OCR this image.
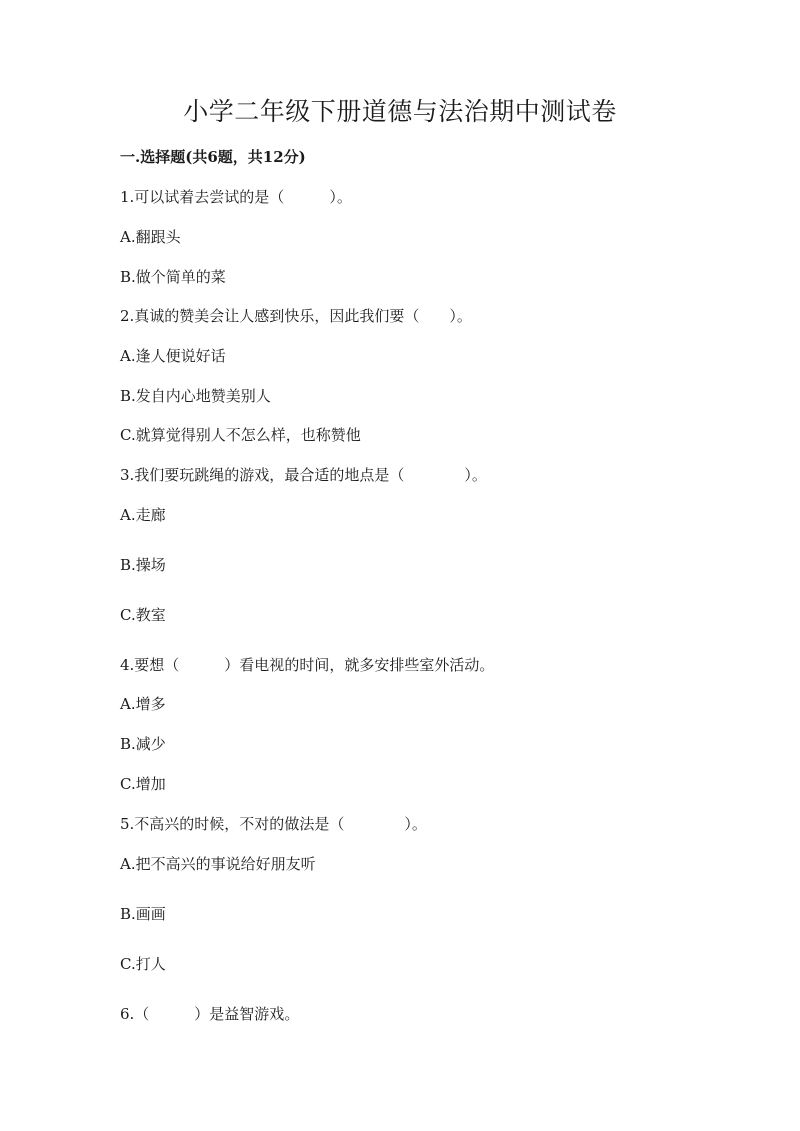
小学二年级下册道德与法治期中测试卷
一.选择题(共6题，共12分)
1.可以试着去尝试的是（　　　）。
A.翻跟头
B.做个简单的菜
2.真诚的赞美会让人感到快乐，因此我们要（　　）。
A.逢人便说好话
B.发自内心地赞美别人
C.就算觉得别人不怎么样，也称赞他
3.我们要玩跳绳的游戏，最合适的地点是（　　　　）。
A.走廊
B.操场
C.教室
4.要想（　　　）看电视的时间，就多安排些室外活动。
A.增多
B.减少
C.增加
5.不高兴的时候，不对的做法是（　　　　）。
A.把不高兴的事说给好朋友听
B.画画
C.打人
6.（　　　）是益智游戏。
